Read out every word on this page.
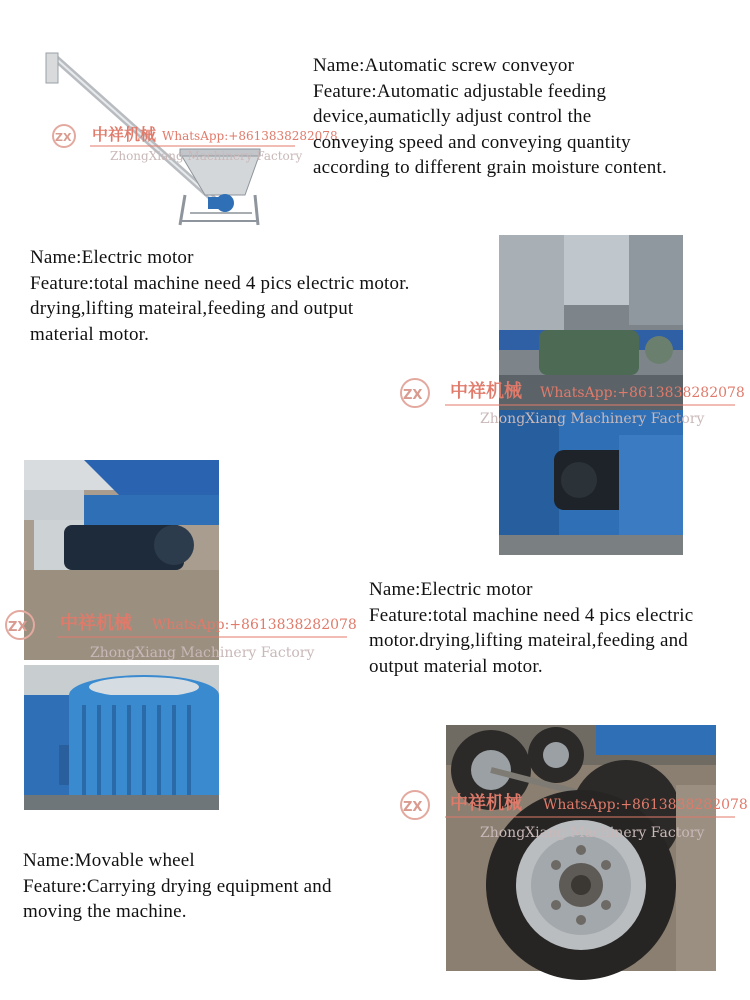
ZX 中祥机械 WhatsApp:+8613838282078
ZhongXiang Machinery Factory
Name:Automatic screw conveyor
Feature:Automatic adjustable feeding
device,aumaticlly adjust control the
conveying speed and conveying quantity
according to different grain moisture content.
Name:Electric motor
Feature:total machine need 4 pics electric motor.
drying,lifting mateiral,feeding and output
material motor.
ZX 中祥机械 WhatsApp:+8613838282078
ZhongXiang Machinery Factory
ZX 中祥机械 WhatsApp:+8613838282078
ZhongXiang Machinery Factory
Name:Electric motor
Feature:total machine need 4 pics electric
motor.drying,lifting mateiral,feeding and
output material motor.
Name:Movable wheel
Feature:Carrying drying equipment and
moving the machine.
ZX 中祥机械 WhatsApp:+8613838282078
ZhongXiang Machinery Factory
